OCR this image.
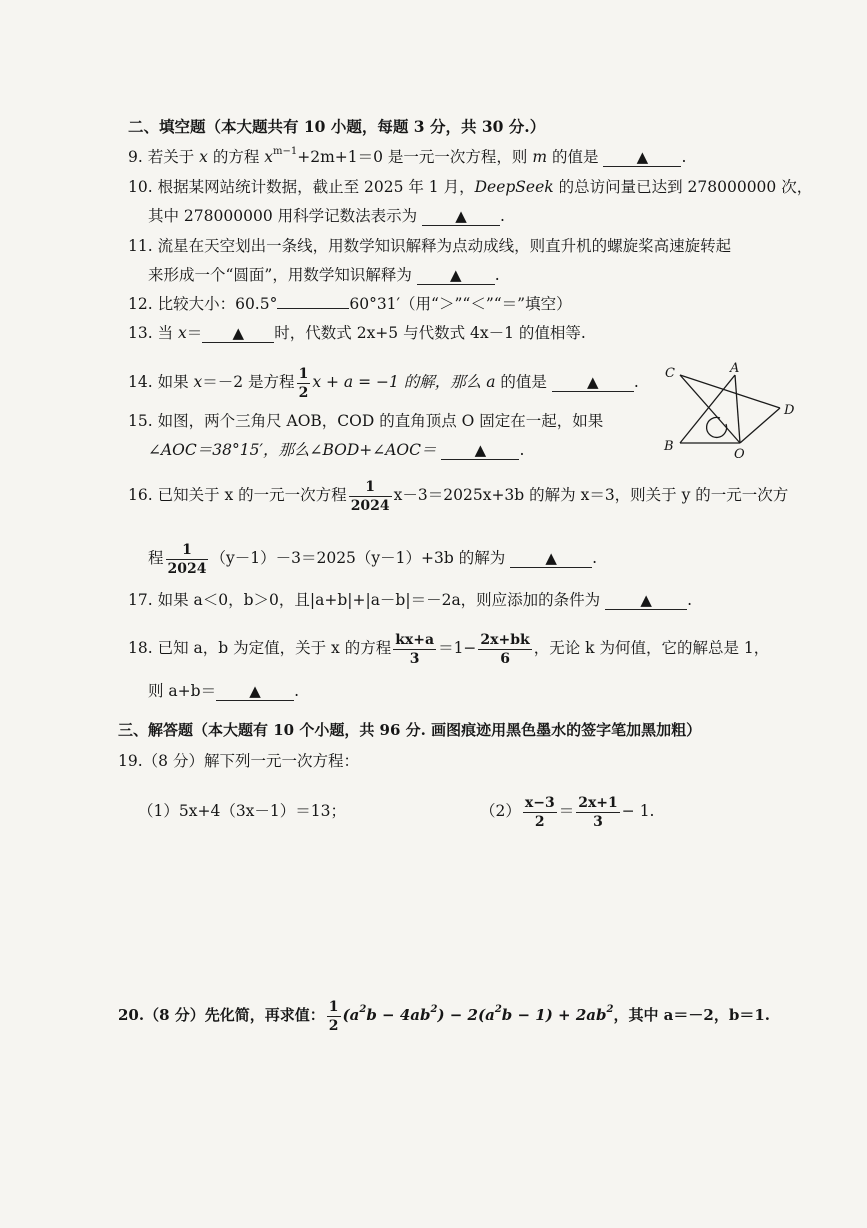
二、填空题（本大题共有 10 小题，每题 3 分，共 30 分.）
9. 若关于 x 的方程 $x^{m-1}+2m+1=0$ 是一元一次方程，则 m 的值是	▲ .
10. 根据某网站统计数据，截止至 2025 年 1 月，DeepSeek 的总访问量已达到 278000000 次，
其中 278000000 用科学记数法表示为	▲ .
11. 流星在天空划出一条线，用数学知识解释为点动成线，则直升机的螺旋桨高速旋转起
来形成一个“圆面”，用数学知识解释为	▲ .
12. 比较大小：60.5°	60°31′（用“＞”“＜”“＝”填空）
13. 当 x＝ ▲ 时，代数式 2x+5 与代数式 4x－1 的值相等.
14. 如果 x＝－2 是方程 $\frac{1}{2}$ x + a = −1 的解，那么 a 的值是	▲ .
15. 如图，两个三角尺 AOB，COD 的直角顶点 O 固定在一起，如果
∠AOC＝38°15′，那么∠BOD+∠AOC＝	▲ .
C	A
D
B
O
16. 已知关于 x 的一元一次方程 $\frac{1}{2024} x-3=2025x+3b$ 的解为 x＝3，则关于 y 的一元一次方
程 $\frac{1}{2024} (y-1)-3=2025(y-1)+3b$ 的解为	▲ .
17. 如果 a＜0，b＞0，且|a+b|+|a－b|＝－2a，则应添加的条件为	▲ .
18. 已知 a，b 为定值，关于 x 的方程 $\frac{kx+a}{3} =1- \frac{2x+bk}{6}$ ，无论 k 为何值，它的解总是 1，
则 a+b＝ ▲ .
三、解答题（本大题有 10 个小题，共 96 分. 画图痕迹用黑色墨水的签字笔加黑加粗）
19.（8 分）解下列一元一次方程：
（1）5x+4（3x－1）＝13；	$(2) \frac{x-3}{2} = \frac{2x+1}{3} - 1$.
20.（8 分）先化简，再求值： $\frac{1}{2} (a^2b - 4ab^2) - 2(a^2b - 1) + 2ab^2$，其中 a＝－2，b＝1.
